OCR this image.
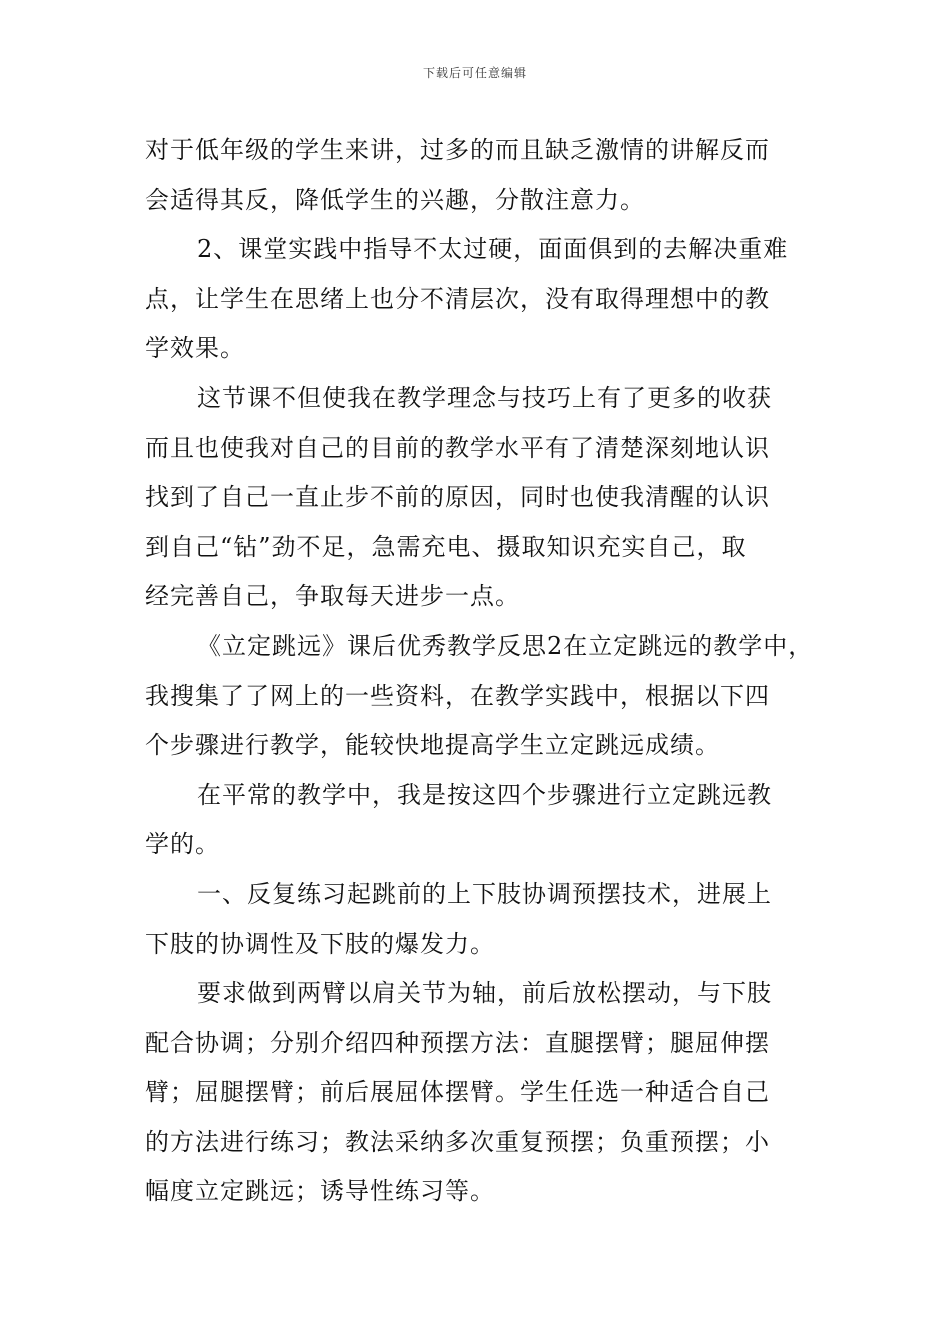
下载后可任意编辑
对于低年级的学生来讲，过多的而且缺乏激情的讲解反而
会适得其反，降低学生的兴趣，分散注意力。
2、课堂实践中指导不太过硬，面面俱到的去解决重难
点，让学生在思绪上也分不清层次，没有取得理想中的教
学效果。
这节课不但使我在教学理念与技巧上有了更多的收获
而且也使我对自己的目前的教学水平有了清楚深刻地认识
找到了自己一直止步不前的原因，同时也使我清醒的认识
到自己“钻”劲不足，急需充电、摄取知识充实自己，取
经完善自己，争取每天进步一点。
《立定跳远》课后优秀教学反思2在立定跳远的教学中，
我搜集了了网上的一些资料，在教学实践中，根据以下四
个步骤进行教学，能较快地提高学生立定跳远成绩。
在平常的教学中，我是按这四个步骤进行立定跳远教
学的。
一、反复练习起跳前的上下肢协调预摆技术，进展上
下肢的协调性及下肢的爆发力。
要求做到两臂以肩关节为轴，前后放松摆动，与下肢
配合协调；分别介绍四种预摆方法：直腿摆臂；腿屈伸摆
臂；屈腿摆臂；前后展屈体摆臂。学生任选一种适合自己
的方法进行练习；教法采纳多次重复预摆；负重预摆；小
幅度立定跳远；诱导性练习等。
